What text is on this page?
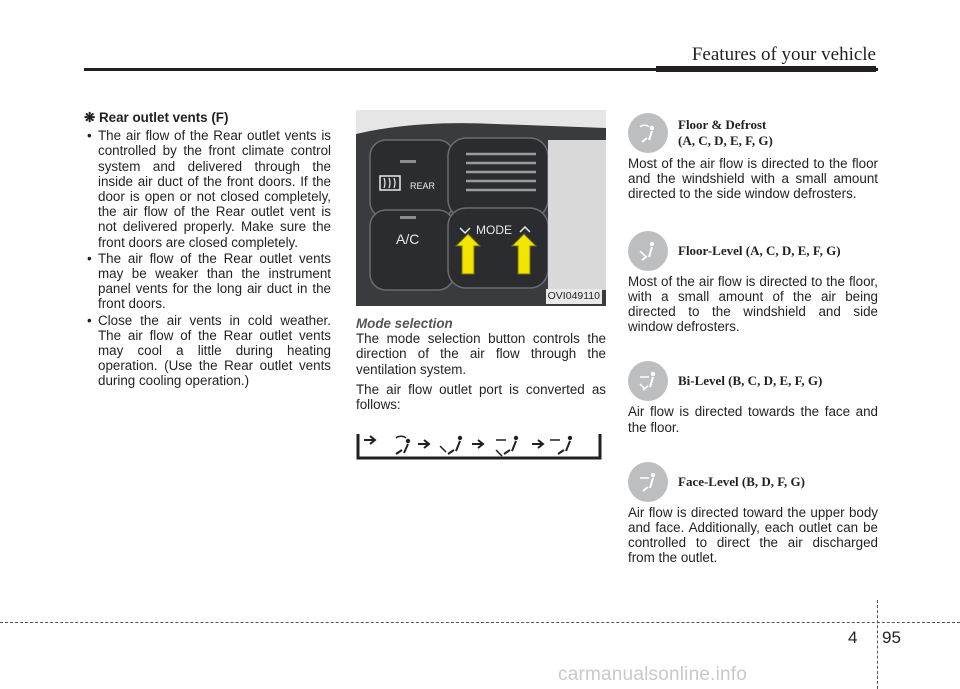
Features of your vehicle
❋ Rear outlet vents (F)
• The air flow of the Rear outlet vents is controlled by the front climate control system and delivered through the inside air duct of the front doors. If the door is open or not closed completely, the air flow of the Rear outlet vent is not delivered properly. Make sure the front doors are closed completely.
• The air flow of the Rear outlet vents may be weaker than the instrument panel vents for the long air duct in the front doors.
• Close the air vents in cold weather. The air flow of the Rear outlet vents may cool a little during heating operation. (Use the Rear outlet vents during cooling operation.)
REAR
A/C
MODE
OVI049110
Mode selection

The mode selection button controls the direction of the air flow through the ventilation system.

The air flow outlet port is converted as follows:

Floor & Defrost
(A, C, D, E, F, G)

Most of the air flow is directed to the floor and the windshield with a small amount directed to the side window defrosters.

Floor-Level (A, C, D, E, F, G)

Most of the air flow is directed to the floor, with a small amount of the air being directed to the windshield and side window defrosters.

Bi-Level (B, C, D, E, F, G)

Air flow is directed towards the face and the floor.

Face-Level (B, D, F, G)

Air flow is directed toward the upper body and face. Additionally, each outlet can be controlled to direct the air discharged from the outlet.

4 95
carmanualsonline.info
